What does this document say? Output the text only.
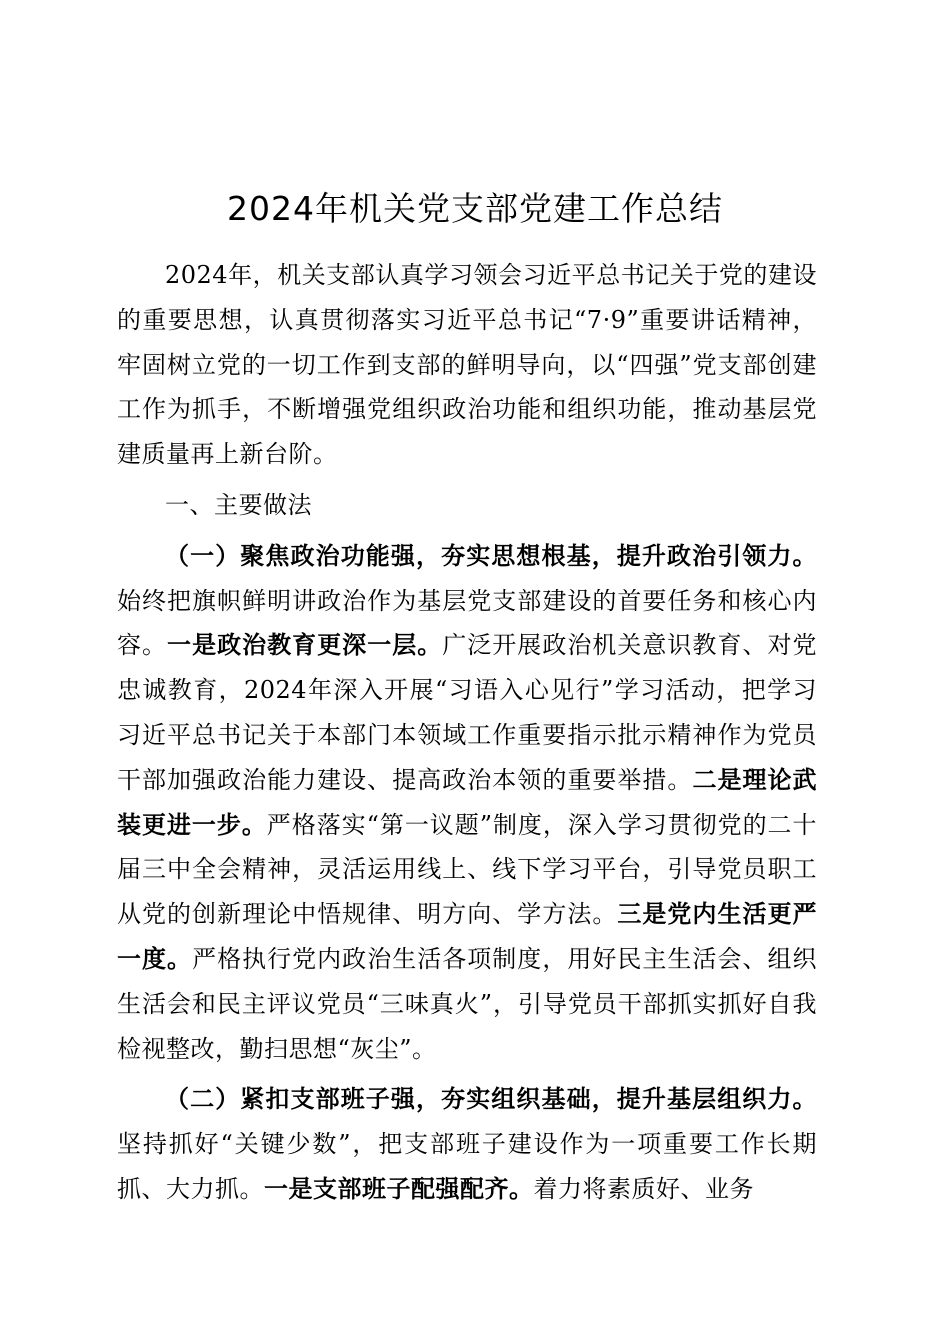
2024年机关党支部党建工作总结

2024年，机关支部认真学习领会习近平总书记关于党的建设的重要思想，认真贯彻落实习近平总书记“7·9”重要讲话精神，牢固树立党的一切工作到支部的鲜明导向，以“四强”党支部创建工作为抓手，不断增强党组织政治功能和组织功能，推动基层党建质量再上新台阶。

一、主要做法

（一）聚焦政治功能强，夯实思想根基，提升政治引领力。始终把旗帜鲜明讲政治作为基层党支部建设的首要任务和核心内容。一是政治教育更深一层。广泛开展政治机关意识教育、对党忠诚教育，2024年深入开展“习语入心见行”学习活动，把学习习近平总书记关于本部门本领域工作重要指示批示精神作为党员干部加强政治能力建设、提高政治本领的重要举措。二是理论武装更进一步。严格落实“第一议题”制度，深入学习贯彻党的二十届三中全会精神，灵活运用线上、线下学习平台，引导党员职工从党的创新理论中悟规律、明方向、学方法。三是党内生活更严一度。严格执行党内政治生活各项制度，用好民主生活会、组织生活会和民主评议党员“三味真火”，引导党员干部抓实抓好自我检视整改，勤扫思想“灰尘”。

（二）紧扣支部班子强，夯实组织基础，提升基层组织力。坚持抓好“关键少数”，把支部班子建设作为一项重要工作长期抓、大力抓。一是支部班子配强配齐。着力将素质好、业务
